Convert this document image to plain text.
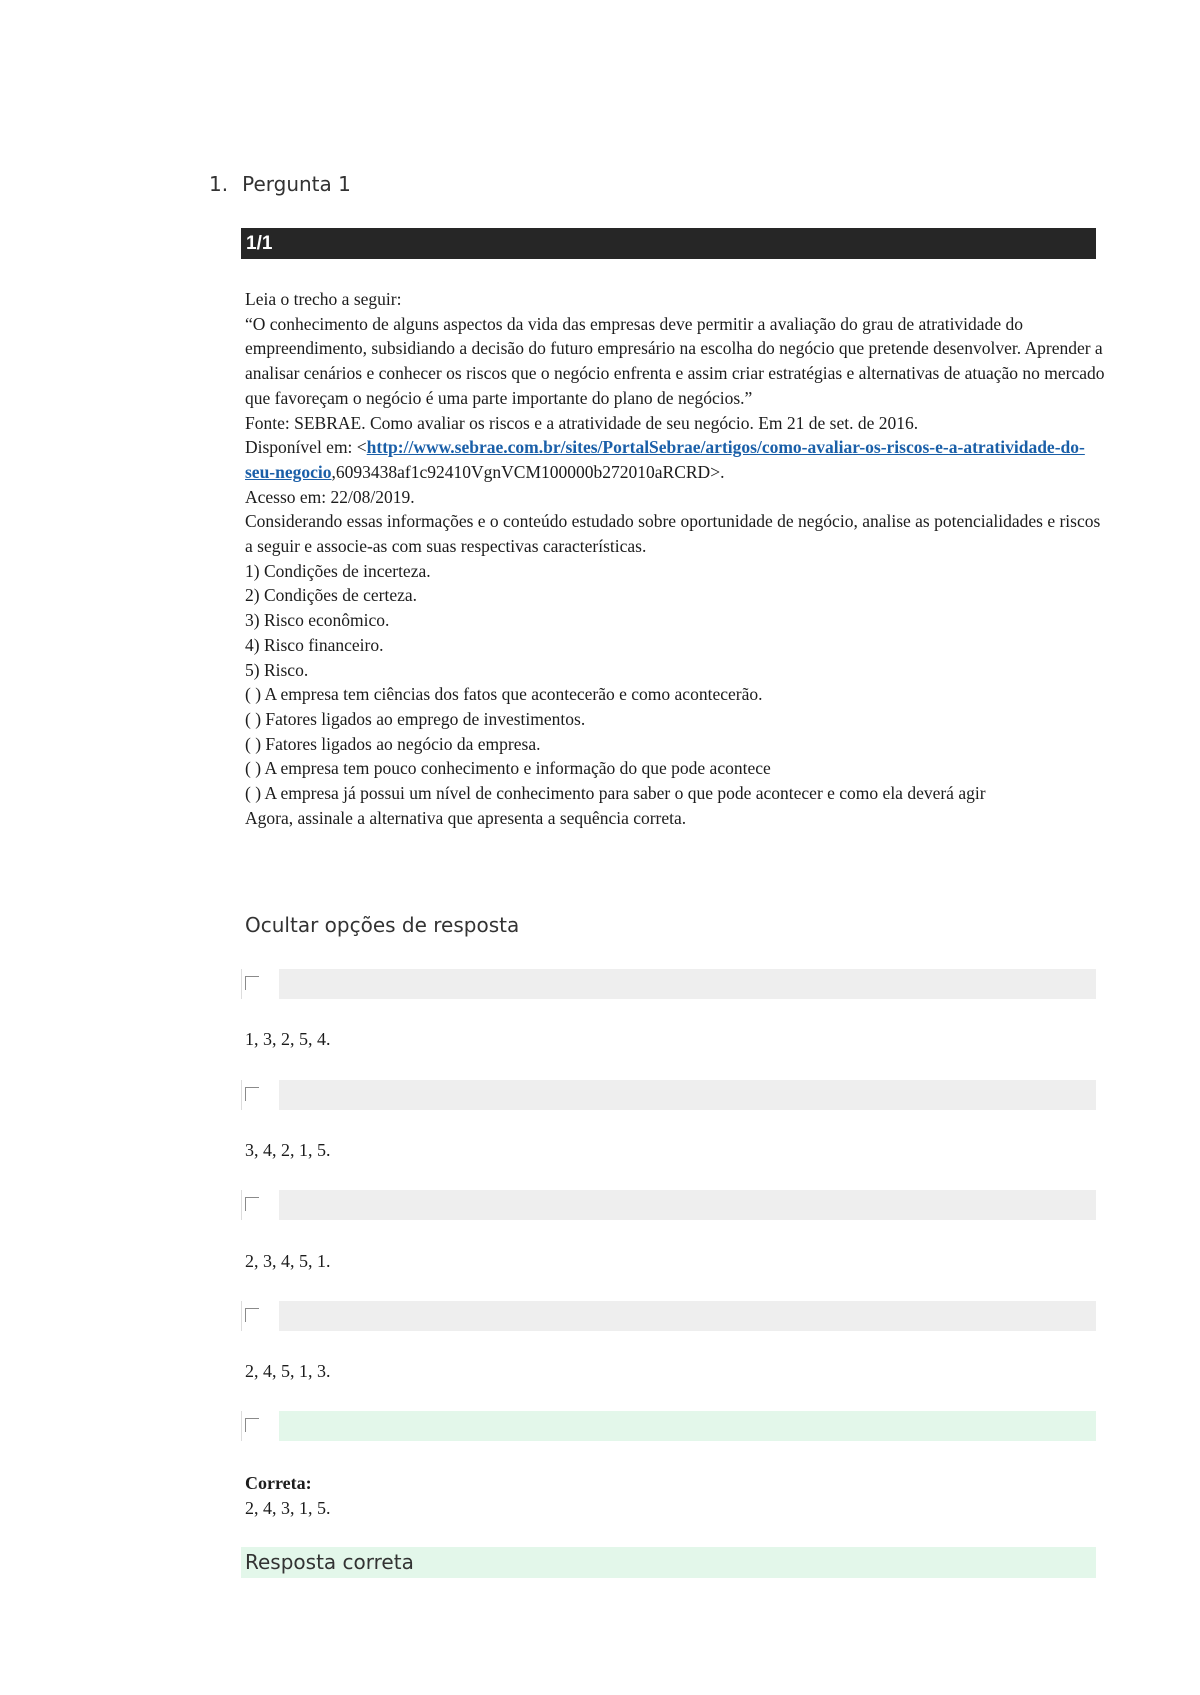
1. Pergunta 1
1/1

Leia o trecho a seguir:

“O conhecimento de alguns aspectos da vida das empresas deve permitir a avaliação do grau de atratividade do empreendimento, subsidiando a decisão do futuro empresário na escolha do negócio que pretende desenvolver. Aprender a analisar cenários e conhecer os riscos que o negócio enfrenta e assim criar estratégias e alternativas de atuação no mercado que favoreçam o negócio é uma parte importante do plano de negócios.”

Fonte: SEBRAE. Como avaliar os riscos e a atratividade de seu negócio. Em 21 de set. de 2016.

Disponível em: <http://www.sebrae.com.br/sites/PortalSebrae/artigos/como-avaliar-os-riscos-e-a-atratividade-do-seu-negocio,6093438af1c92410VgnVCM100000b272010aRCRD>.

Acesso em: 22/08/2019.

Considerando essas informações e o conteúdo estudado sobre oportunidade de negócio, analise as potencialidades e riscos a seguir e associe-as com suas respectivas características.

1) Condições de incerteza.

2) Condições de certeza.

3) Risco econômico.

4) Risco financeiro.

5) Risco.

( ) A empresa tem ciências dos fatos que acontecerão e como acontecerão.

( ) Fatores ligados ao emprego de investimentos.

( ) Fatores ligados ao negócio da empresa.

( ) A empresa tem pouco conhecimento e informação do que pode acontece

( ) A empresa já possui um nível de conhecimento para saber o que pode acontecer e como ela deverá agir

Agora, assinale a alternativa que apresenta a sequência correta.

Ocultar opções de resposta
1, 3, 2, 5, 4.
3, 4, 2, 1, 5.
2, 3, 4, 5, 1.
2, 4, 5, 1, 3.
Correta:
2, 4, 3, 1, 5.
Resposta correta
